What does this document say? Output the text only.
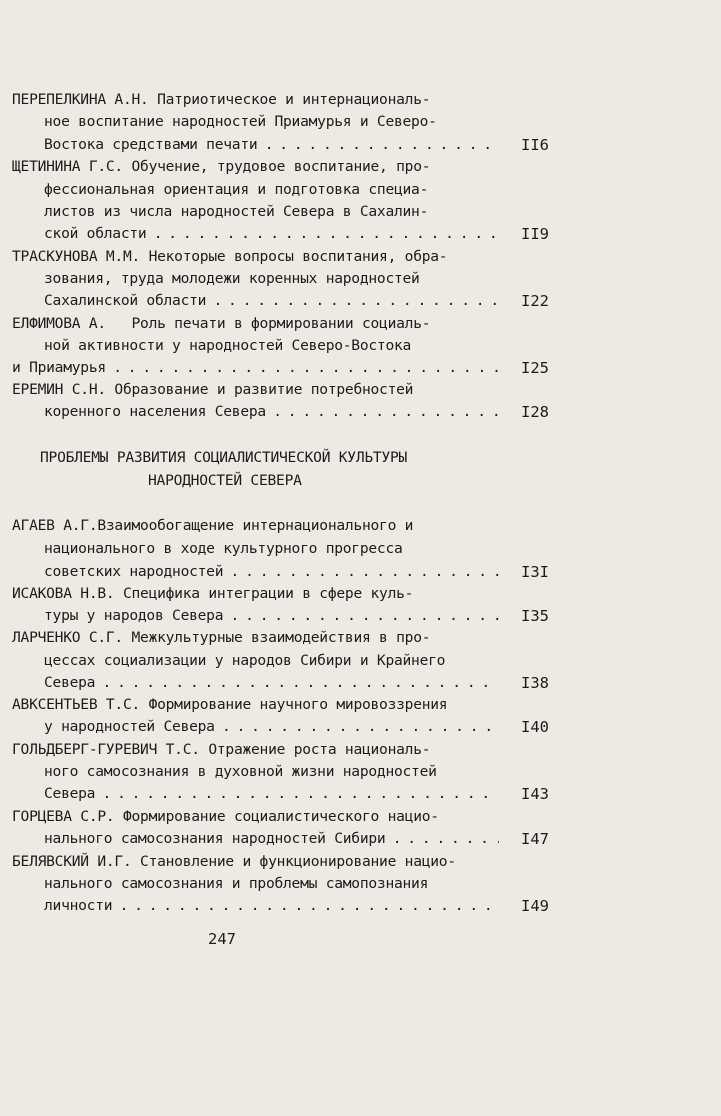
ПЕРЕПЕЛКИНА А.Н. Патриотическое и интернациональ-
ное воспитание народностей Приамурья и Северо-
Востока средствами печати . . .	II6
ЩЕТИНИНА Г.С. Обучение, трудовое воспитание, про-
фессиональная ориентация и подготовка специа-
листов из числа народностей Севера в Сахалин-
ской области . . .	II9
ТРАСКУНОВА М.М. Некоторые вопросы воспитания, обра-
зования, труда молодежи коренных народностей
Сахалинской области . . .	I22
ЕЛФИМОВА А.   Роль печати в формировании социаль-
ной активности у народностей Северо-Востока
и Приамурья . . .	I25
ЕРЕМИН С.Н. Образование и развитие потребностей
коренного населения Севера . . .	I28
ПРОБЛЕМЫ РАЗВИТИЯ СОЦИАЛИСТИЧЕСКОЙ КУЛЬТУРЫ
НАРОДНОСТЕЙ СЕВЕРА
АГАЕВ А.Г.Взаимообогащение интернационального и
национального в ходе культурного прогресса
советских народностей . . .	I3I
ИСАКОВА Н.В. Специфика интеграции в сфере куль-
туры у народов Севера . . .	I35
ЛАРЧЕНКО С.Г. Межкультурные взаимодействия в про-
цессах социализации у народов Сибири и Крайнего
Севера . . .	I38
АВКСЕНТЬЕВ Т.С. Формирование научного мировоззрения
у народностей Севера . . .	I40
ГОЛЬДБЕРГ-ГУРЕВИЧ Т.С. Отражение роста националь-
ного самосознания в духовной жизни народностей
Севера . . .	I43
ГОРЦЕВА С.Р. Формирование социалистического нацио-
нального самосознания народностей Сибири . . .	I47
БЕЛЯВСКИЙ И.Г. Становление и функционирование нацио-
нального самосознания и проблемы самопознания
личности . . .	I49
247
